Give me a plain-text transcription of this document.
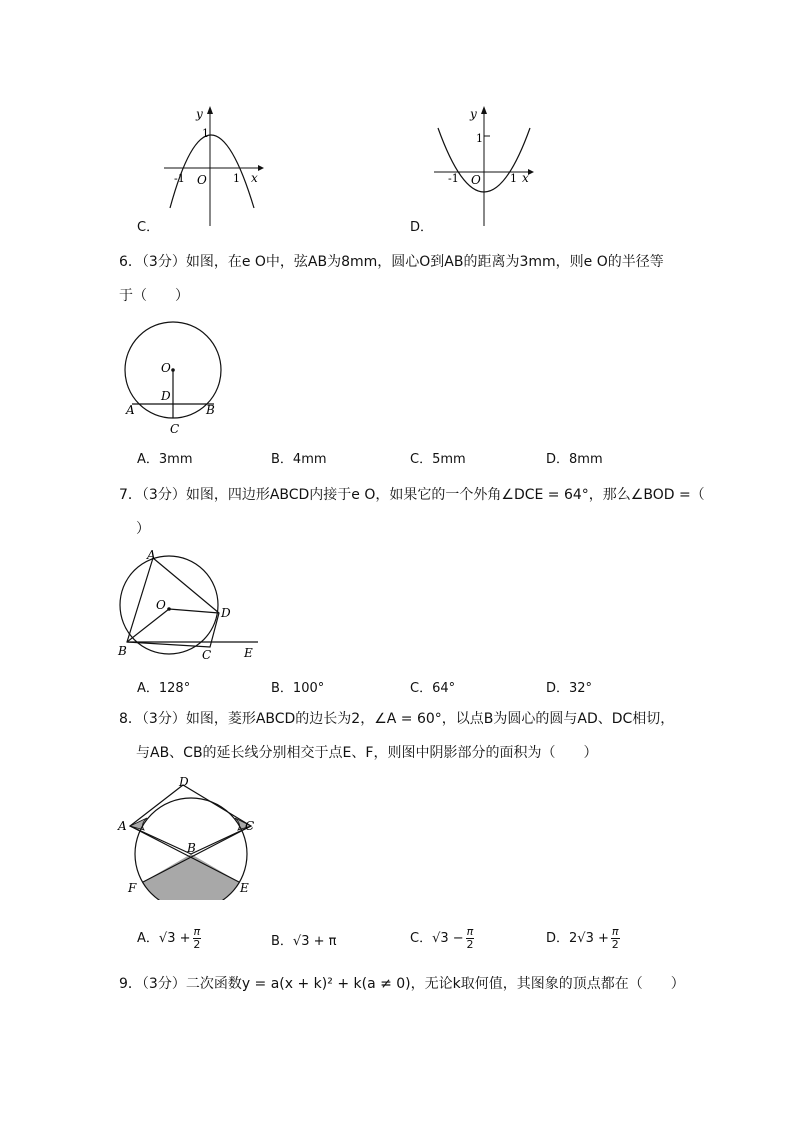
y
x
1
-1	1
O
C．
y
x
1
-1	1
O
D．
6．（3分）如图，在e O中，弦AB为8mm，圆心O到AB的距离为3mm，则e O的半径等
于（　　）
O
D
A	B
C
A．3mm	B．4mm	C．5mm	D．8mm
7．（3分）如图，四边形ABCD内接于e O，如果它的一个外角∠DCE = 64°，那么∠BOD =（
）
A
O
D
B	C	E
A．128°	B．100°	C．64°	D．32°
8．（3分）如图，菱形ABCD的边长为2，∠A = 60°，以点B为圆心的圆与AD、DC相切，
与AB、CB的延长线分别相交于点E、F，则图中阴影部分的面积为（　　）
D
A	C
B
F	E
A．$√3 + \frac{\pi}{2}$	B．√3 + π	C．$√3 - \frac{\pi}{2}$	D．$2√3 + \frac{\pi}{2}$
9．（3分）二次函数y = a(x + k)² + k(a ≠ 0)，无论k取何值，其图象的顶点都在（　　）
